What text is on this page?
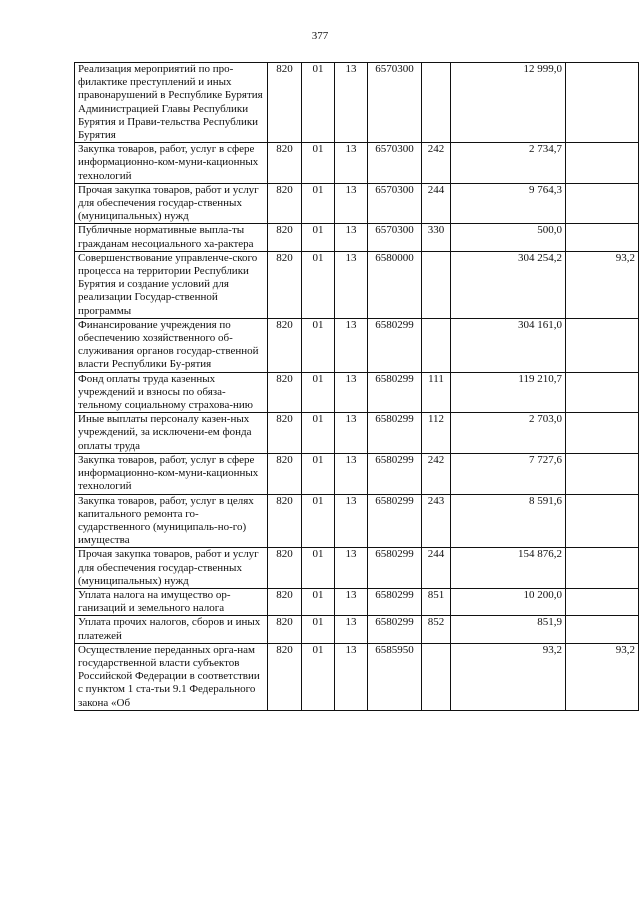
377
Реализация мероприятий по про-филактике преступлений и иных правонарушений в Республике Бурятия Администрацией Главы Республики Бурятия и Прави-тельства Республики Бурятия	820	01	13	6570300		12 999,0	
Закупка товаров, работ, услуг в сфере информационно-ком-муни-кационных технологий	820	01	13	6570300	242	2 734,7	
Прочая закупка товаров, работ и услуг для обеспечения государ-ственных (муниципальных) нужд	820	01	13	6570300	244	9 764,3	
Публичные нормативные выпла-ты гражданам несоциального ха-рактера	820	01	13	6570300	330	500,0	
Совершенствование управленче-ского процесса на территории Республики Бурятия и создание условий для реализации Государ-ственной программы	820	01	13	6580000		304 254,2	93,2
Финансирование учреждения по обеспечению хозяйственного об-служивания органов государ-ственной власти Республики Бу-рятия	820	01	13	6580299		304 161,0	
Фонд оплаты труда казенных учреждений и взносы по обяза-тельному социальному страхова-нию	820	01	13	6580299	111	119 210,7	
Иные выплаты персоналу казен-ных учреждений, за исключени-ем фонда оплаты труда	820	01	13	6580299	112	2 703,0	
Закупка товаров, работ, услуг в сфере информационно-ком-муни-кационных технологий	820	01	13	6580299	242	7 727,6	
Закупка товаров, работ, услуг в целях капитального ремонта го-сударственного (муниципаль-но-го) имущества	820	01	13	6580299	243	8 591,6	
Прочая закупка товаров, работ и услуг для обеспечения государ-ственных (муниципальных) нужд	820	01	13	6580299	244	154 876,2	
Уплата налога на имущество ор-ганизаций и земельного налога	820	01	13	6580299	851	10 200,0	
Уплата прочих налогов, сборов и иных платежей	820	01	13	6580299	852	851,9	
Осуществление переданных орга-нам государственной власти субъектов Российской Федерации в соответствии с пунктом 1 ста-тьи 9.1 Федерального закона «Об	820	01	13	6585950		93,2	93,2
